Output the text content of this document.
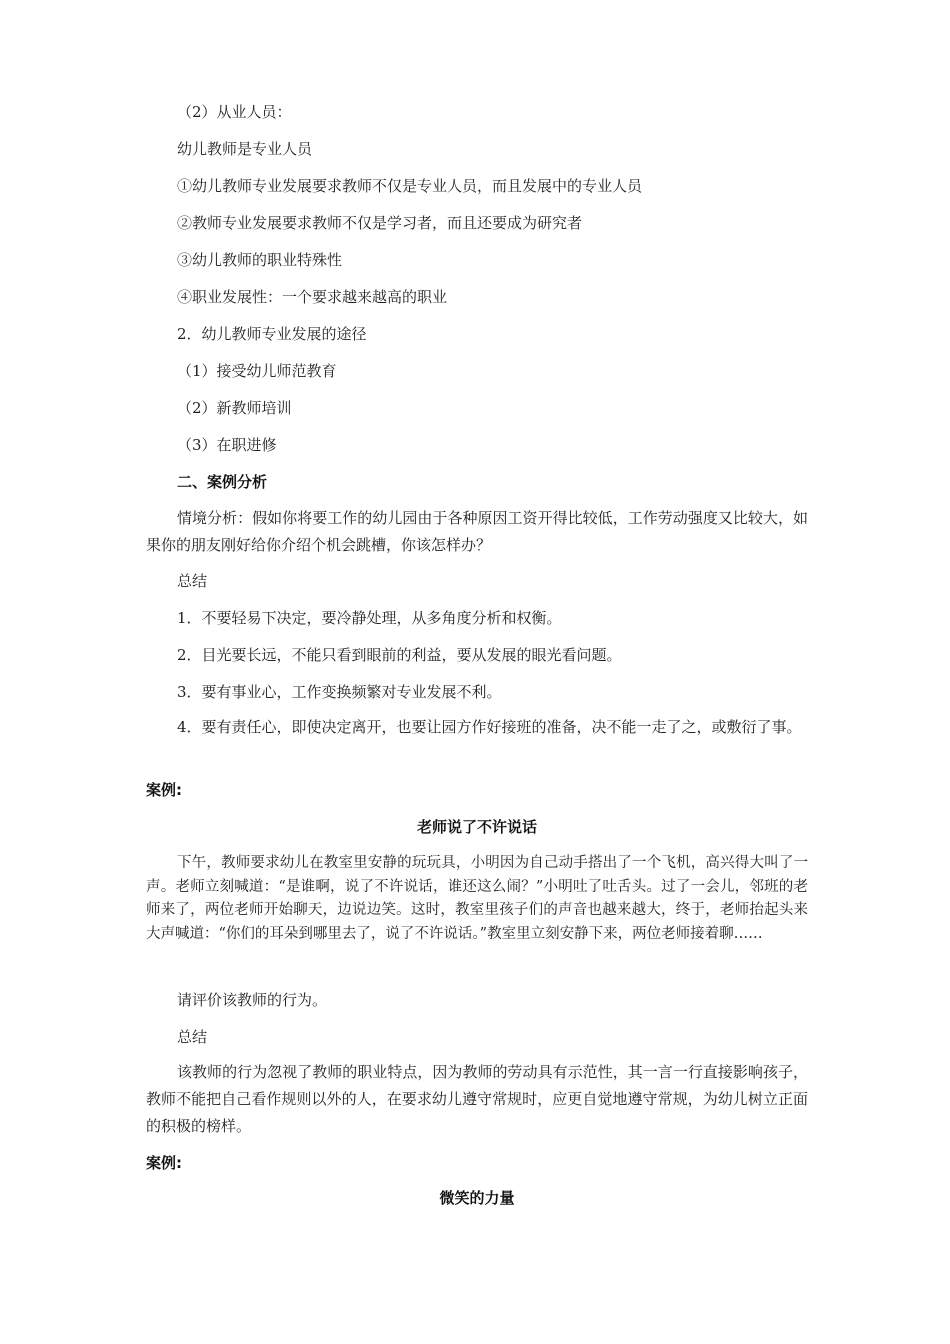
（2）从业人员：
幼儿教师是专业人员
①幼儿教师专业发展要求教师不仅是专业人员，而且发展中的专业人员
②教师专业发展要求教师不仅是学习者，而且还要成为研究者
③幼儿教师的职业特殊性
④职业发展性：一个要求越来越高的职业
2．幼儿教师专业发展的途径
（1）接受幼儿师范教育
（2）新教师培训
（3）在职进修
二、案例分析
情境分析：假如你将要工作的幼儿园由于各种原因工资开得比较低，工作劳动强度又比较大，如果你的朋友刚好给你介绍个机会跳槽，你该怎样办？
总结
1．不要轻易下决定，要冷静处理，从多角度分析和权衡。
2．目光要长远，不能只看到眼前的利益，要从发展的眼光看问题。
3．要有事业心，工作变换频繁对专业发展不利。
4．要有责任心，即使决定离开，也要让园方作好接班的准备，决不能一走了之，或敷衍了事。
案例:
老师说了不许说话
下午，教师要求幼儿在教室里安静的玩玩具，小明因为自己动手搭出了一个飞机，高兴得大叫了一声。老师立刻喊道：“是谁啊，说了不许说话，谁还这么闹？”小明吐了吐舌头。过了一会儿，邻班的老师来了，两位老师开始聊天，边说边笑。这时，教室里孩子们的声音也越来越大，终于，老师抬起头来大声喊道：“你们的耳朵到哪里去了，说了不许说话。”教室里立刻安静下来，两位老师接着聊……
请评价该教师的行为。
总结
该教师的行为忽视了教师的职业特点，因为教师的劳动具有示范性，其一言一行直接影响孩子，教师不能把自己看作规则以外的人，在要求幼儿遵守常规时，应更自觉地遵守常规，为幼儿树立正面的积极的榜样。
案例:
微笑的力量
